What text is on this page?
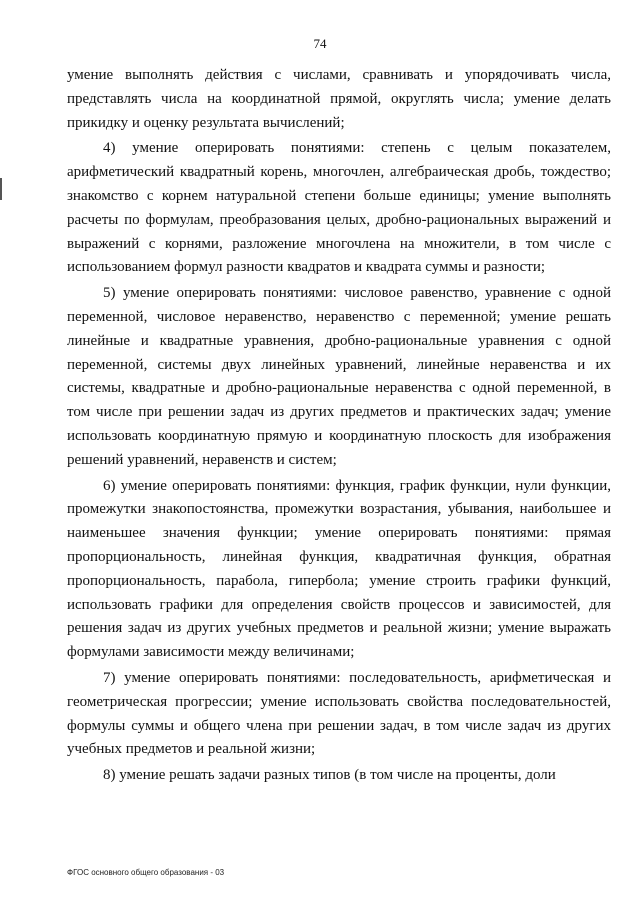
74

умение выполнять действия с числами, сравнивать и упорядочивать числа, представлять числа на координатной прямой, округлять числа; умение делать прикидку и оценку результата вычислений;

4) умение оперировать понятиями: степень с целым показателем, арифметический квадратный корень, многочлен, алгебраическая дробь, тождество; знакомство с корнем натуральной степени больше единицы; умение выполнять расчеты по формулам, преобразования целых, дробно-рациональных выражений и выражений с корнями, разложение многочлена на множители, в том числе с использованием формул разности квадратов и квадрата суммы и разности;

5) умение оперировать понятиями: числовое равенство, уравнение с одной переменной, числовое неравенство, неравенство с переменной; умение решать линейные и квадратные уравнения, дробно-рациональные уравнения с одной переменной, системы двух линейных уравнений, линейные неравенства и их системы, квадратные и дробно-рациональные неравенства с одной переменной, в том числе при решении задач из других предметов и практических задач; умение использовать координатную прямую и координатную плоскость для изображения решений уравнений, неравенств и систем;

6) умение оперировать понятиями: функция, график функции, нули функции, промежутки знакопостоянства, промежутки возрастания, убывания, наибольшее и наименьшее значения функции; умение оперировать понятиями: прямая пропорциональность, линейная функция, квадратичная функция, обратная пропорциональность, парабола, гипербола; умение строить графики функций, использовать графики для определения свойств процессов и зависимостей, для решения задач из других учебных предметов и реальной жизни; умение выражать формулами зависимости между величинами;

7) умение оперировать понятиями: последовательность, арифметическая и геометрическая прогрессии; умение использовать свойства последовательностей, формулы суммы и общего члена при решении задач, в том числе задач из других учебных предметов и реальной жизни;

8) умение решать задачи разных типов (в том числе на проценты, доли

ФГОС основного общего образования - 03
